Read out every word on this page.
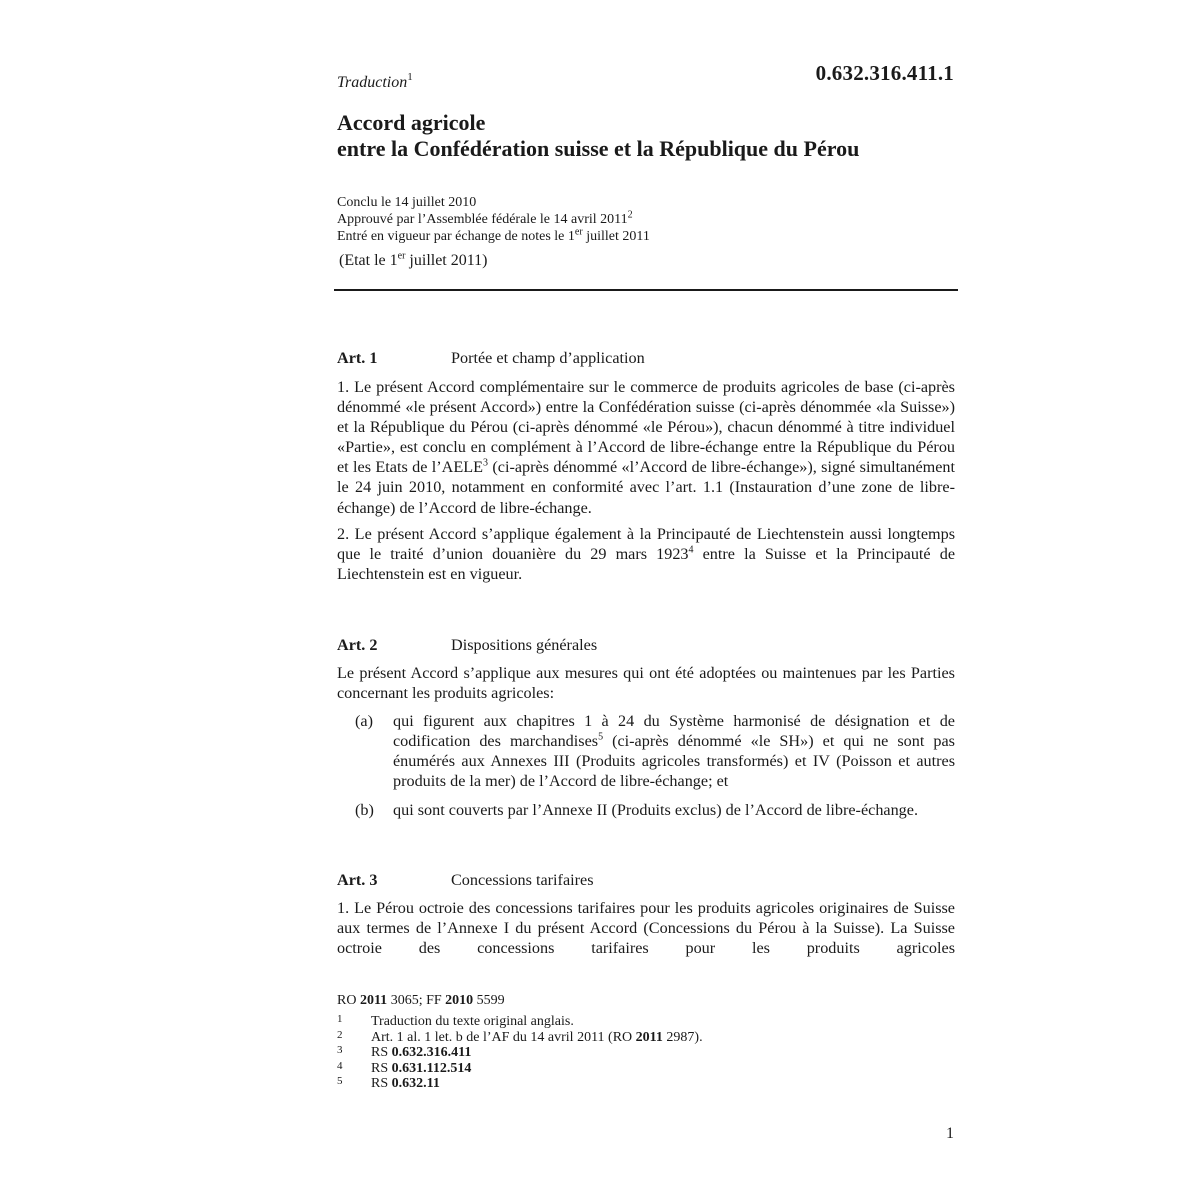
Traduction$^1$	0.632.316.411.1
Accord agricole
entre la Confédération suisse et la République du Pérou
Conclu le 14 juillet 2010
Approuvé par l’Assemblée fédérale le 14 avril 2011$^2$
Entré en vigueur par échange de notes le 1er juillet 2011
(Etat le 1er juillet 2011)
Art. 1	Portée et champ d’application

1. Le présent Accord complémentaire sur le commerce de produits agricoles de base (ci-après dénommé «le présent Accord») entre la Confédération suisse (ci-après dénommée «la Suisse») et la République du Pérou (ci-après dénommé «le Pérou»), chacun dénommé à titre individuel «Partie», est conclu en complément à l’Accord de libre-échange entre la République du Pérou et les Etats de l’AELE$^3$ (ci-après dénommé «l’Accord de libre-échange»), signé simultanément le 24 juin 2010, notamment en conformité avec l’art. 1.1 (Instauration d’une zone de libre-échange) de l’Accord de libre-échange.

2. Le présent Accord s’applique également à la Principauté de Liechtenstein aussi longtemps que le traité d’union douanière du 29 mars 1923$^4$ entre la Suisse et la Principauté de Liechtenstein est en vigueur.

Art. 2	Dispositions générales

Le présent Accord s’applique aux mesures qui ont été adoptées ou maintenues par les Parties concernant les produits agricoles:

(a)	qui figurent aux chapitres 1 à 24 du Système harmonisé de désignation et de codification des marchandises$^5$ (ci-après dénommé «le SH») et qui ne sont pas énumérés aux Annexes III (Produits agricoles transformés) et IV (Poisson et autres produits de la mer) de l’Accord de libre-échange; et
(b)	qui sont couverts par l’Annexe II (Produits exclus) de l’Accord de libre-échange.
Art. 3	Concessions tarifaires

1. Le Pérou octroie des concessions tarifaires pour les produits agricoles originaires de Suisse aux termes de l’Annexe I du présent Accord (Concessions du Pérou à la Suisse). La Suisse octroie des concessions tarifaires pour les produits agricoles

RO 2011 3065; FF 2010 5599
1	Traduction du texte original anglais.
2	Art. 1 al. 1 let. b de l’AF du 14 avril 2011 (RO 2011 2987).
3	RS 0.632.316.411
4	RS 0.631.112.514
5	RS 0.632.11
1
